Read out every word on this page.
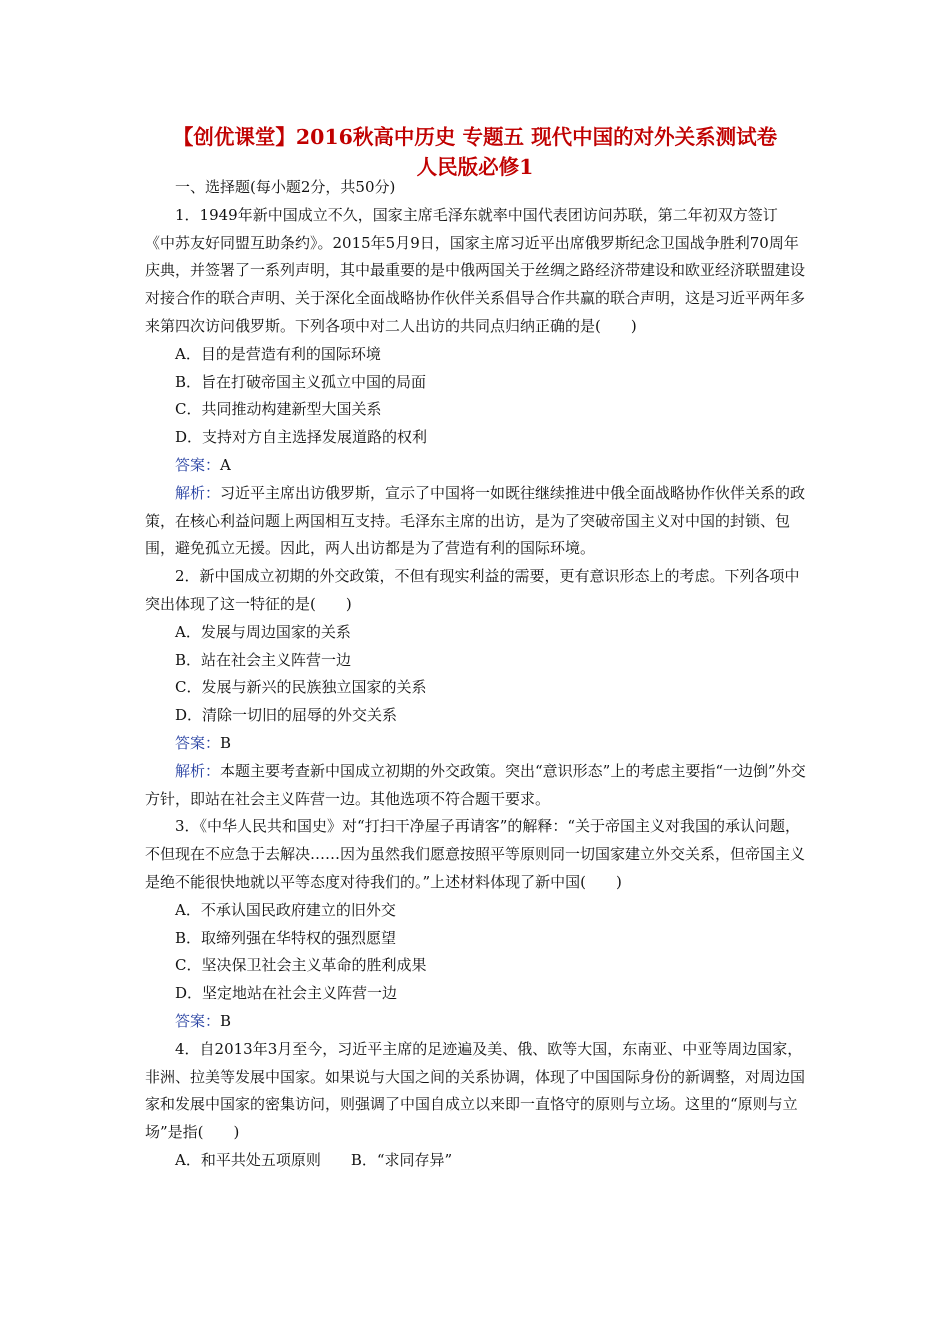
【创优课堂】2016秋高中历史 专题五 现代中国的对外关系测试卷
人民版必修1

一、选择题(每小题2分，共50分)

1．1949年新中国成立不久，国家主席毛泽东就率中国代表团访问苏联，第二年初双方签订《中苏友好同盟互助条约》。2015年5月9日，国家主席习近平出席俄罗斯纪念卫国战争胜利70周年庆典，并签署了一系列声明，其中最重要的是中俄两国关于丝绸之路经济带建设和欧亚经济联盟建设对接合作的联合声明、关于深化全面战略协作伙伴关系倡导合作共赢的联合声明，这是习近平两年多来第四次访问俄罗斯。下列各项中对二人出访的共同点归纳正确的是(　　)

A．目的是营造有利的国际环境

B．旨在打破帝国主义孤立中国的局面

C．共同推动构建新型大国关系

D．支持对方自主选择发展道路的权利

答案：A

解析：习近平主席出访俄罗斯，宣示了中国将一如既往继续推进中俄全面战略协作伙伴关系的政策，在核心利益问题上两国相互支持。毛泽东主席的出访，是为了突破帝国主义对中国的封锁、包围，避免孤立无援。因此，两人出访都是为了营造有利的国际环境。

2．新中国成立初期的外交政策，不但有现实利益的需要，更有意识形态上的考虑。下列各项中突出体现了这一特征的是(　　)

A．发展与周边国家的关系

B．站在社会主义阵营一边

C．发展与新兴的民族独立国家的关系

D．清除一切旧的屈辱的外交关系

答案：B

解析：本题主要考查新中国成立初期的外交政策。突出“意识形态”上的考虑主要指“一边倒”外交方针，即站在社会主义阵营一边。其他选项不符合题干要求。

3．《中华人民共和国史》对“打扫干净屋子再请客”的解释：“关于帝国主义对我国的承认问题，不但现在不应急于去解决……因为虽然我们愿意按照平等原则同一切国家建立外交关系，但帝国主义是绝不能很快地就以平等态度对待我们的。”上述材料体现了新中国(　　)

A．不承认国民政府建立的旧外交

B．取缔列强在华特权的强烈愿望

C．坚决保卫社会主义革命的胜利成果

D．坚定地站在社会主义阵营一边

答案：B

4．自2013年3月至今，习近平主席的足迹遍及美、俄、欧等大国，东南亚、中亚等周边国家，非洲、拉美等发展中国家。如果说与大国之间的关系协调，体现了中国国际身份的新调整，对周边国家和发展中国家的密集访问，则强调了中国自成立以来即一直恪守的原则与立场。这里的“原则与立场”是指(　　)

A．和平共处五项原则　　B．“求同存异”
